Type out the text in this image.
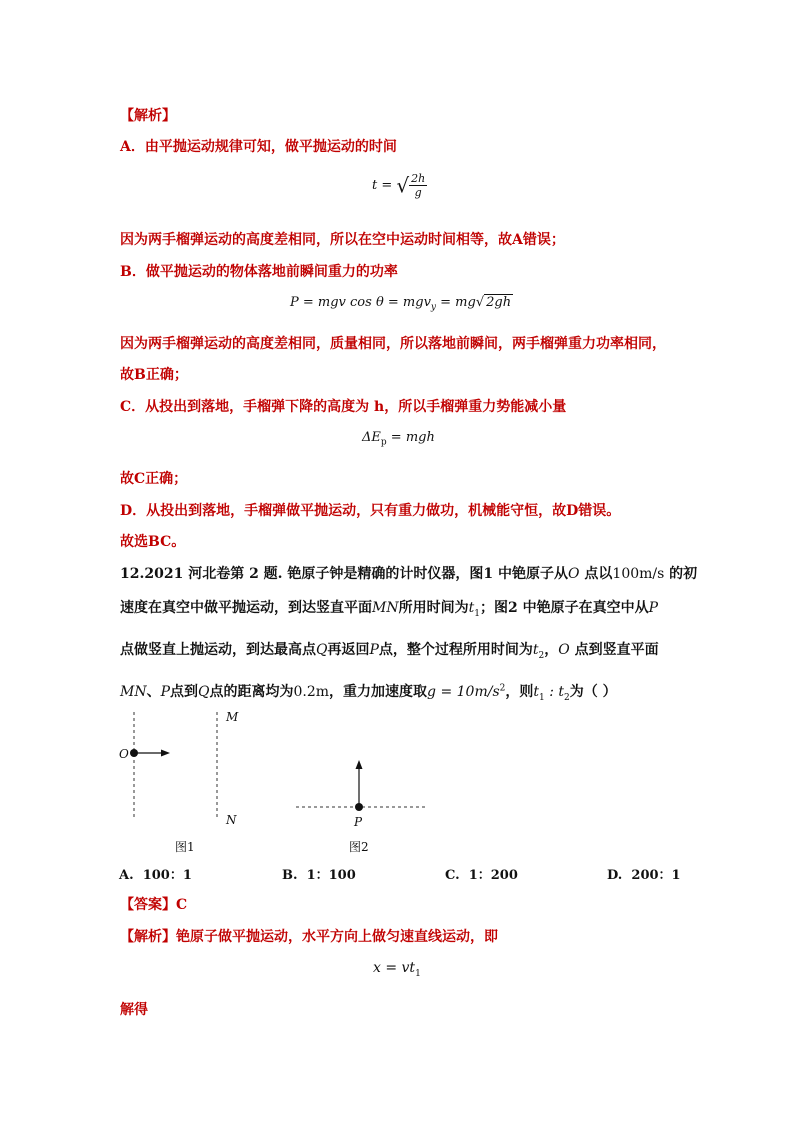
【解析】
A．由平抛运动规律可知，做平抛运动的时间
t = √ $\frac{2h}{g}$
因为两手榴弹运动的高度差相同，所以在空中运动时间相等，故A错误；
B．做平抛运动的物体落地前瞬间重力的功率
P = mgv cos θ = mgv$_y$ = mg√ 2gh
因为两手榴弹运动的高度差相同，质量相同，所以落地前瞬间，两手榴弹重力功率相同，
故B正确；
C．从投出到落地，手榴弹下降的高度为 h，所以手榴弹重力势能减小量
$\Delta E_p$ = mgh
故C正确；
D．从投出到落地，手榴弹做平抛运动，只有重力做功，机械能守恒，故D错误。
故选BC。
12.2021 河北卷第 2 题. 铯原子钟是精确的计时仪器，图1 中铯原子从O 点以100m/s 的初
速度在真空中做平抛运动，到达竖直平面MN所用时间为$t_1$；图2 中铯原子在真空中从P
点做竖直上抛运动，到达最高点Q再返回P点，整个过程所用时间为$t_2$，O 点到竖直平面
MN、P点到Q点的距离均为0.2m，重力加速度取$g = 10m/s^2$，则$t_1$ : $t_2$为（ ）
M
N
O
图1
P
图2
A. 100：1	B. 1：100	C. 1：200	D. 200：1
【答案】C
【解析】铯原子做平抛运动，水平方向上做匀速直线运动，即
$x = vt_1$
解得
